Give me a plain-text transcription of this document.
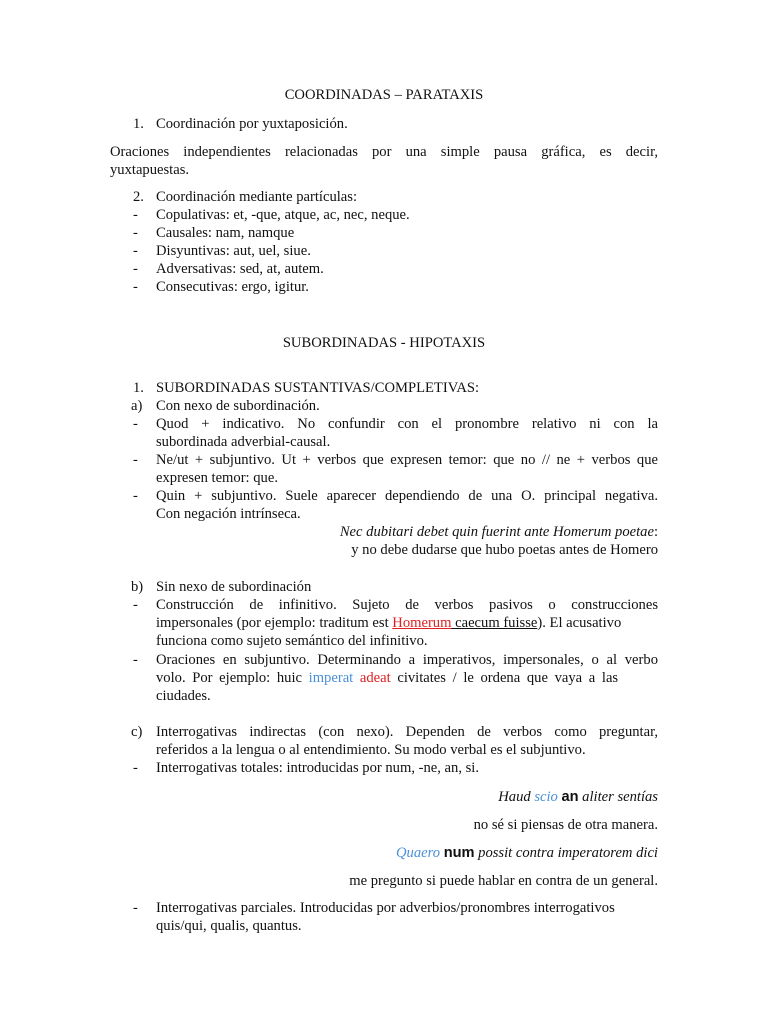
COORDINADAS – PARATAXIS
1. Coordinación por yuxtaposición.
Oraciones independientes relacionadas por una simple pausa gráfica, es decir,
yuxtapuestas.
2. Coordinación mediante partículas:
- Copulativas: et, -que, atque, ac, nec, neque.
- Causales: nam, namque
- Disyuntivas: aut, uel, siue.
- Adversativas: sed, at, autem.
- Consecutivas: ergo, igitur.
SUBORDINADAS - HIPOTAXIS
1. SUBORDINADAS SUSTANTIVAS/COMPLETIVAS:
a) Con nexo de subordinación.
- Quod + indicativo. No confundir con el pronombre relativo ni con la
subordinada adverbial-causal.
- Ne/ut + subjuntivo. Ut + verbos que expresen temor: que no // ne + verbos que
expresen temor: que.
- Quin + subjuntivo. Suele aparecer dependiendo de una O. principal negativa.
Con negación intrínseca.
Nec dubitari debet quin fuerint ante Homerum poetae:
y no debe dudarse que hubo poetas antes de Homero
b) Sin nexo de subordinación
- Construcción de infinitivo. Sujeto de verbos pasivos o construcciones
impersonales (por ejemplo: traditum est Homerum caecum fuisse). El acusativo
funciona como sujeto semántico del infinitivo.
- Oraciones en subjuntivo. Determinando a imperativos, impersonales, o al verbo
volo. Por ejemplo: huic imperat adeat civitates / le ordena que vaya a las
ciudades.
c) Interrogativas indirectas (con nexo). Dependen de verbos como preguntar,
referidos a la lengua o al entendimiento. Su modo verbal es el subjuntivo.
- Interrogativas totales: introducidas por num, -ne, an, si.
Haud scio an aliter sentías
no sé si piensas de otra manera.
Quaero num possit contra imperatorem dici
me pregunto si puede hablar en contra de un general.
- Interrogativas parciales. Introducidas por adverbios/pronombres interrogativos
quis/qui, qualis, quantus.
